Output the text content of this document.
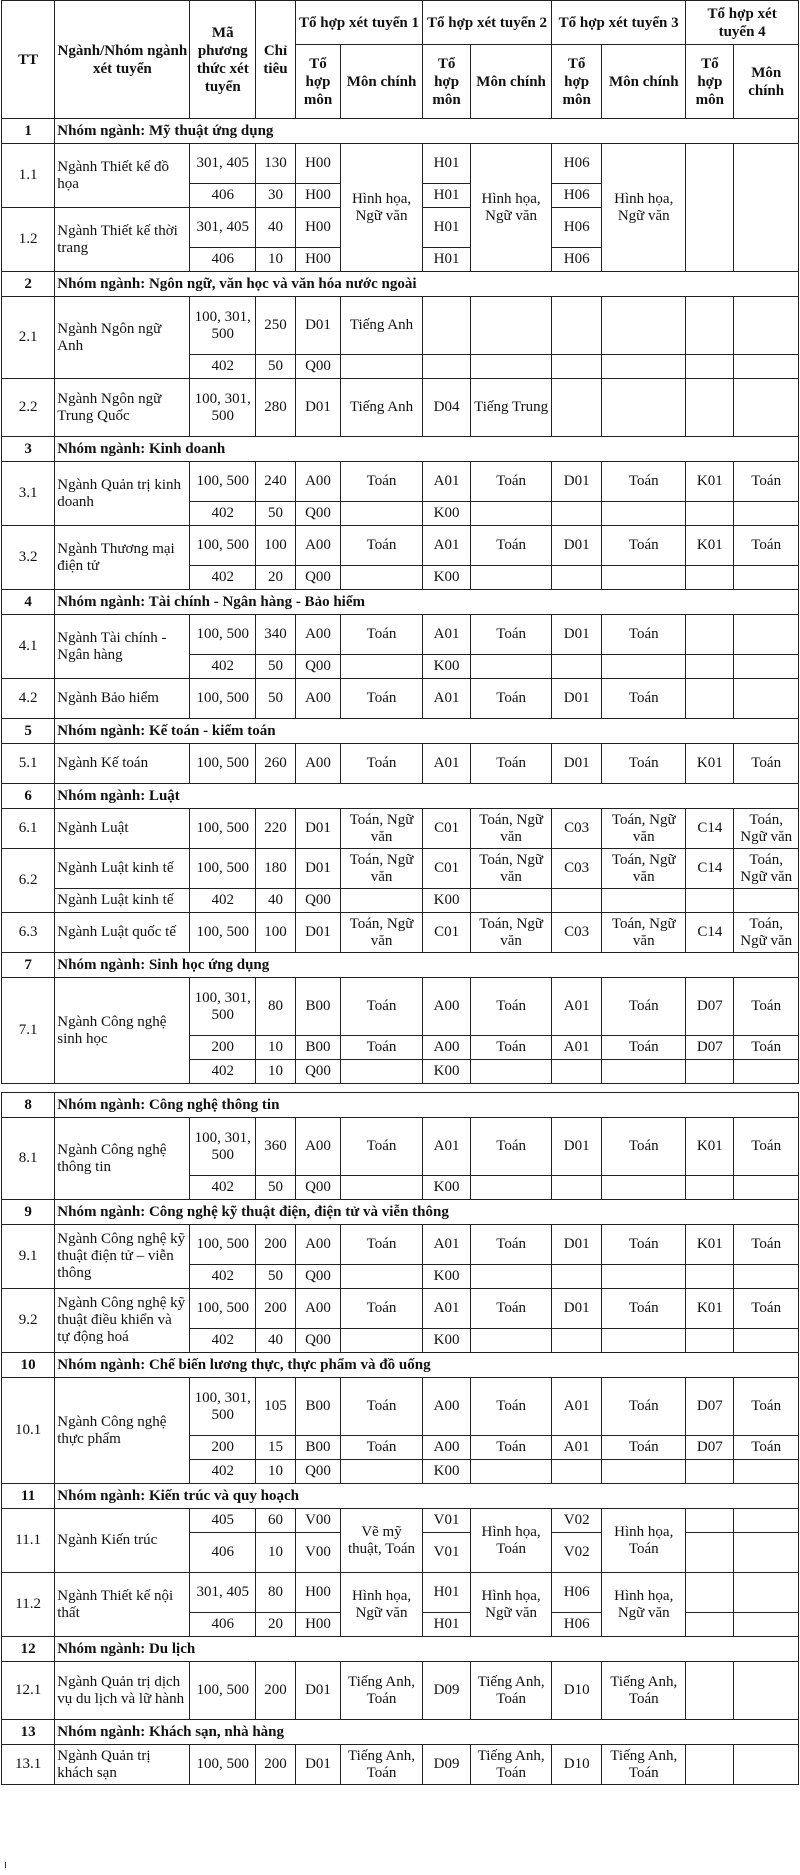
TT	Ngành/Nhóm ngành xét tuyển	Mã phương thức xét tuyển	Chỉ tiêu	Tổ hợp xét tuyển 1		Tổ hợp xét tuyển 2		Tổ hợp xét tuyển 3		Tổ hợp xét tuyển 4	
				Tổ hợp môn	Môn chính	Tổ hợp môn	Môn chính	Tổ hợp môn	Môn chính	Tổ hợp môn	Môn chính
1	Nhóm ngành: Mỹ thuật ứng dụng										
1.1	Ngành Thiết kế đồ họa	301, 405	130	H00	Hình họa, Ngữ văn	H01	Hình họa, Ngữ văn	H06	Hình họa, Ngữ văn		
		406	30	H00		H01		H06			
1.2	Ngành Thiết kế thời trang	301, 405	40	H00		H01		H06			
		406	10	H00		H01		H06			
2	Nhóm ngành: Ngôn ngữ, văn học và văn hóa nước ngoài										
2.1	Ngành Ngôn ngữ Anh	100, 301, 500	250	D01	Tiếng Anh						
		402	50	Q00							
2.2	Ngành Ngôn ngữ Trung Quốc	100, 301, 500	280	D01	Tiếng Anh	D04	Tiếng Trung				
3	Nhóm ngành: Kinh doanh										
3.1	Ngành Quản trị kinh doanh	100, 500	240	A00	Toán	A01	Toán	D01	Toán	K01	Toán
		402	50	Q00		K00					
3.2	Ngành Thương mại điện tử	100, 500	100	A00	Toán	A01	Toán	D01	Toán	K01	Toán
		402	20	Q00		K00					
4	Nhóm ngành: Tài chính - Ngân hàng - Bảo hiểm										
4.1	Ngành Tài chính - Ngân hàng	100, 500	340	A00	Toán	A01	Toán	D01	Toán		
		402	50	Q00		K00					
4.2	Ngành Bảo hiểm	100, 500	50	A00	Toán	A01	Toán	D01	Toán		
5	Nhóm ngành: Kế toán - kiểm toán										
5.1	Ngành Kế toán	100, 500	260	A00	Toán	A01	Toán	D01	Toán	K01	Toán
6	Nhóm ngành: Luật										
6.1	Ngành Luật	100, 500	220	D01	Toán, Ngữ văn	C01	Toán, Ngữ văn	C03	Toán, Ngữ văn	C14	Toán, Ngữ văn
6.2	Ngành Luật kinh tế	100, 500	180	D01	Toán, Ngữ văn	C01	Toán, Ngữ văn	C03	Toán, Ngữ văn	C14	Toán, Ngữ văn
	Ngành Luật kinh tế	402	40	Q00		K00					
6.3	Ngành Luật quốc tế	100, 500	100	D01	Toán, Ngữ văn	C01	Toán, Ngữ văn	C03	Toán, Ngữ văn	C14	Toán, Ngữ văn
7	Nhóm ngành: Sinh học ứng dụng										
7.1	Ngành Công nghệ sinh học	100, 301, 500	80	B00	Toán	A00	Toán	A01	Toán	D07	Toán
		200	10	B00	Toán	A00	Toán	A01	Toán	D07	Toán
		402	10	Q00		K00					

8	Nhóm ngành: Công nghệ thông tin										
8.1	Ngành Công nghệ thông tin	100, 301, 500	360	A00	Toán	A01	Toán	D01	Toán	K01	Toán
		402	50	Q00		K00					
9	Nhóm ngành: Công nghệ kỹ thuật điện, điện tử và viễn thông										
9.1	Ngành Công nghệ kỹ thuật điện tử – viễn thông	100, 500	200	A00	Toán	A01	Toán	D01	Toán	K01	Toán
		402	50	Q00		K00					
9.2	Ngành Công nghệ kỹ thuật điều khiển và tự động hoá	100, 500	200	A00	Toán	A01	Toán	D01	Toán	K01	Toán
		402	40	Q00		K00					
10	Nhóm ngành: Chế biến lương thực, thực phẩm và đồ uống										
10.1	Ngành Công nghệ thực phẩm	100, 301, 500	105	B00	Toán	A00	Toán	A01	Toán	D07	Toán
		200	15	B00	Toán	A00	Toán	A01	Toán	D07	Toán
		402	10	Q00		K00					
11	Nhóm ngành: Kiến trúc và quy hoạch										
11.1	Ngành Kiến trúc	405	60	V00	Vẽ mỹ thuật, Toán	V01	Hình họa, Toán	V02	Hình họa, Toán		
		406	10	V00		V01		V02			
11.2	Ngành Thiết kế nội thất	301, 405	80	H00	Hình họa, Ngữ văn	H01	Hình họa, Ngữ văn	H06	Hình họa, Ngữ văn		
		406	20	H00		H01		H06			
12	Nhóm ngành: Du lịch										
12.1	Ngành Quản trị dịch vụ du lịch và lữ hành	100, 500	200	D01	Tiếng Anh, Toán	D09	Tiếng Anh, Toán	D10	Tiếng Anh, Toán		
13	Nhóm ngành: Khách sạn, nhà hàng										
13.1	Ngành Quản trị khách sạn	100, 500	200	D01	Tiếng Anh, Toán	D09	Tiếng Anh, Toán	D10	Tiếng Anh, Toán		
